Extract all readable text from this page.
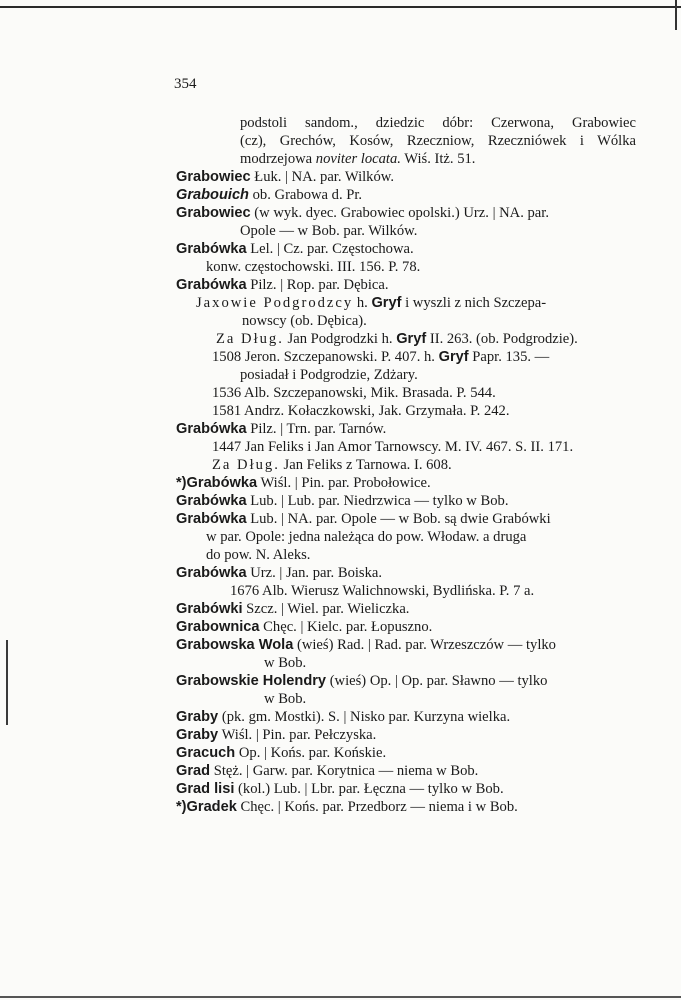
354
podstoli sandom., dziedzic dóbr: Czerwona, Grabowiec
(cz), Grechów, Kosów, Rzeczniow, Rzeczniówek i Wólka
modrzejowa noviter locata. Wiś. Itż. 51.
Grabowiec Łuk. | NA. par. Wilków.
Grabouich ob. Grabowa d. Pr.
Grabowiec (w wyk. dyec. Grabowiec opolski.) Urz. | NA. par.
Opole — w Bob. par. Wilków.
Grabówka Lel. | Cz. par. Częstochowa.
konw. częstochowski. III. 156. P. 78.
Grabówka Pilz. | Rop. par. Dębica.
Jaxowie Podgrodzcy h. Gryf i wyszli z nich Szczepa-
nowscy (ob. Dębica).
Za Dług. Jan Podgrodzki h. Gryf II. 263. (ob. Podgrodzie).
1508 Jeron. Szczepanowski. P. 407. h. Gryf Papr. 135. —
posiadał i Podgrodzie, Zdżary.
1536 Alb. Szczepanowski, Mik. Brasada. P. 544.
1581 Andrz. Kołaczkowski, Jak. Grzymała. P. 242.
Grabówka Pilz. | Trn. par. Tarnów.
1447 Jan Feliks i Jan Amor Tarnowscy. M. IV. 467. S. II. 171.
Za Dług. Jan Feliks z Tarnowa. I. 608.
*)Grabówka Wiśl. | Pin. par. Probołowice.
Grabówka Lub. | Lub. par. Niedrzwica — tylko w Bob.
Grabówka Lub. | NA. par. Opole — w Bob. są dwie Grabówki
w par. Opole: jedna należąca do pow. Włodaw. a druga
do pow. N. Aleks.
Grabówka Urz. | Jan. par. Boiska.
1676 Alb. Wierusz Walichnowski, Bydlińska. P. 7 a.
Grabówki Szcz. | Wiel. par. Wieliczka.
Grabownica Chęc. | Kielc. par. Łopuszno.
Grabowska Wola (wieś) Rad. | Rad. par. Wrzeszczów — tylko
w Bob.
Grabowskie Holendry (wieś) Op. | Op. par. Sławno — tylko
w Bob.
Graby (pk. gm. Mostki). S. | Nisko par. Kurzyna wielka.
Graby Wiśl. | Pin. par. Pełczyska.
Gracuch Op. | Końs. par. Końskie.
Grad Stęż. | Garw. par. Korytnica — niema w Bob.
Grad lisi (kol.) Lub. | Lbr. par. Łęczna — tylko w Bob.
*)Gradek Chęc. | Końs. par. Przedborz — niema i w Bob.
